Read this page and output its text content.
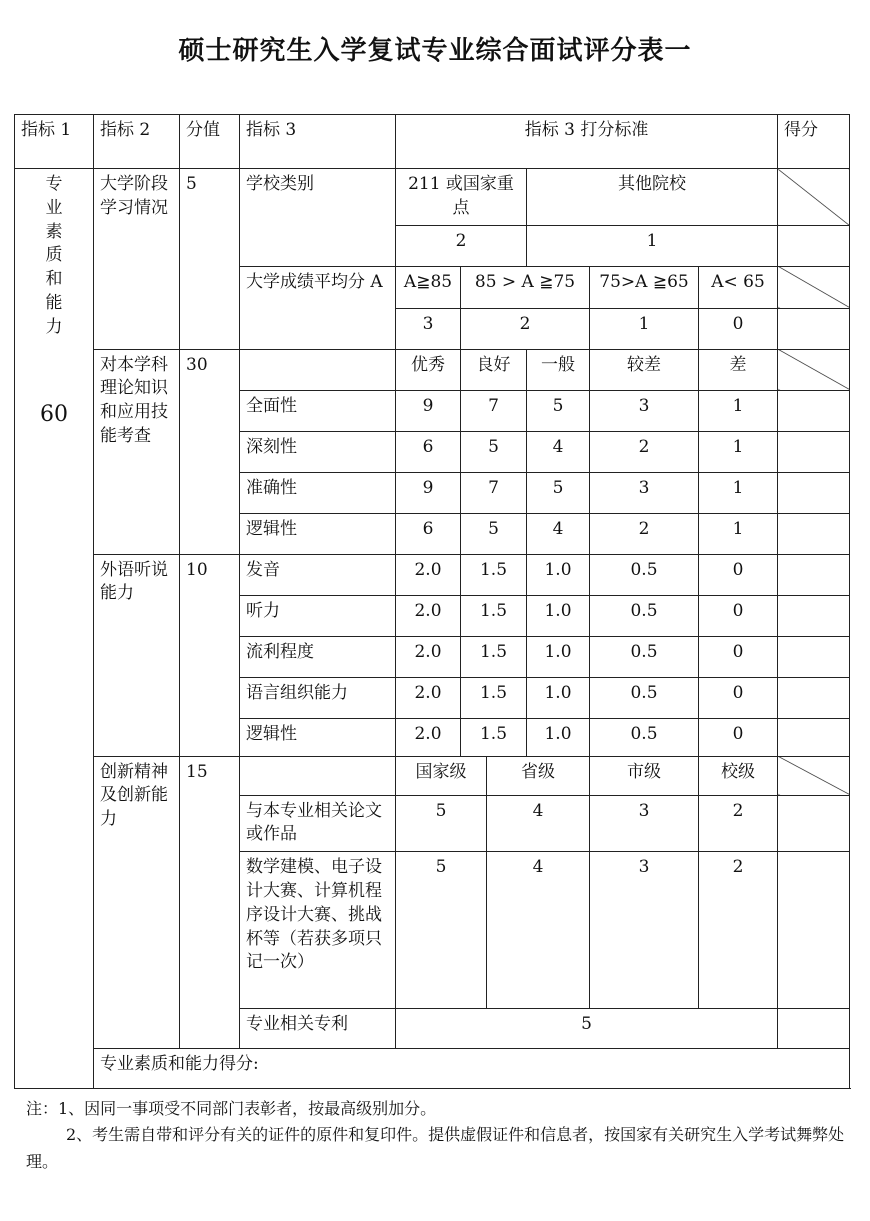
硕士研究生入学复试专业综合面试评分表一
指标 1	指标 2	分值	指标 3	指标 3 打分标准						得分

专业素质和能力
60	大学阶段学习情况	5	学校类别	211 或国家重点			其他院校			
				2			1			
			大学成绩平均分 A	A≧85	85 > A ≧75			75>A ≧65	A< 65	
				3	2			1	0	
	对本学科理论知识和应用技能考查	30		优秀	良好		一般	较差	差	
			全面性	9	7		5	3	1	
			深刻性	6	5		4	2	1	
			准确性	9	7		5	3	1	
			逻辑性	6	5		4	2	1	
	外语听说能力	10	发音	2.0	1.5		1.0	0.5	0	
			听力	2.0	1.5		1.0	0.5	0	
			流利程度	2.0	1.5		1.0	0.5	0	
			语言组织能力	2.0	1.5		1.0	0.5	0	
			逻辑性	2.0	1.5		1.0	0.5	0	
	创新精神及创新能力	15		国家级		省级		市级	校级	
			与本专业相关论文或作品	5		4		3	2	
			数学建模、电子设计大赛、计算机程序设计大赛、挑战杯等（若获多项只记一次）	5		4		3	2	
			专业相关专利	5						
	专业素质和能力得分:									
注：1、因同一事项受不同部门表彰者，按最高级别加分。
2、考生需自带和评分有关的证件的原件和复印件。提供虚假证件和信息者，按国家有关研究生入学考试舞弊处理。
